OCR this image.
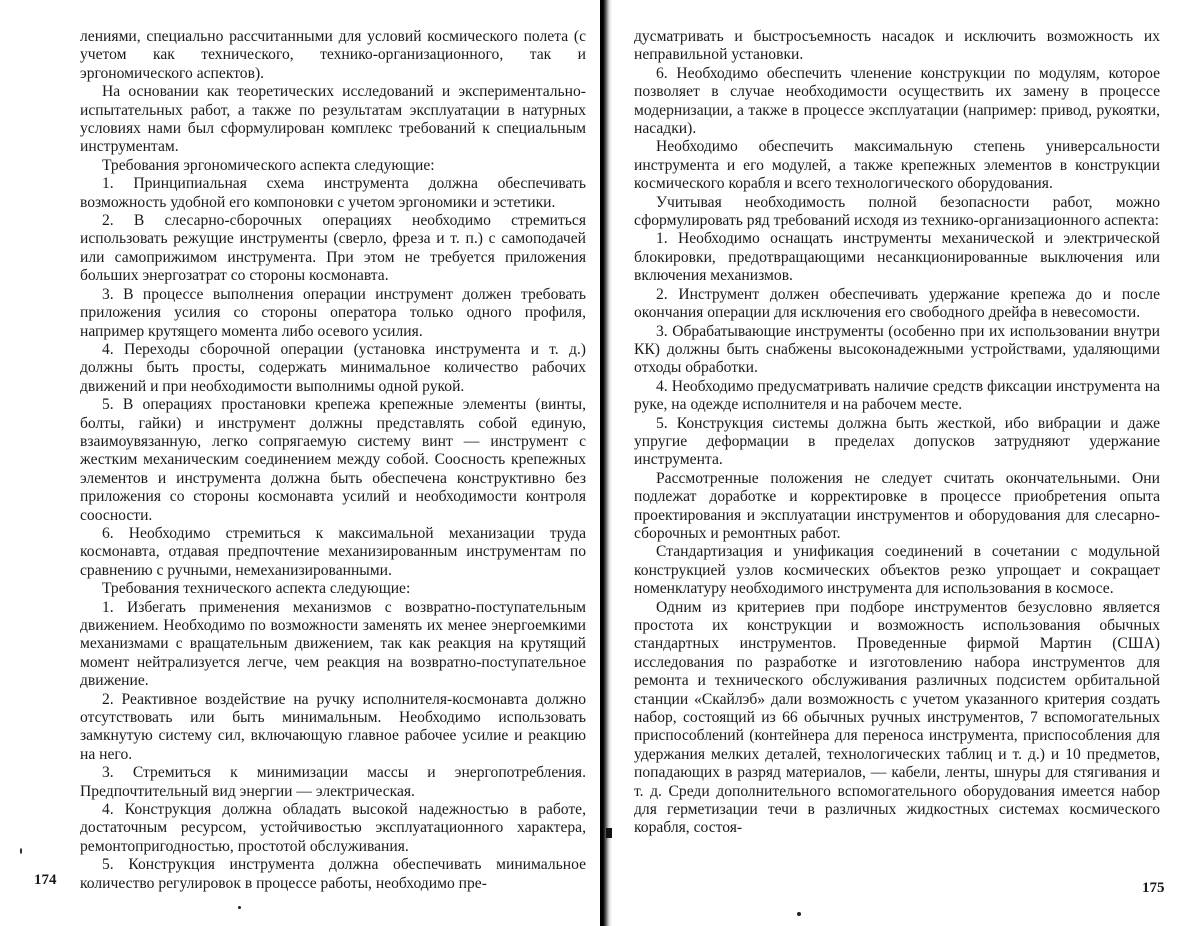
лениями, специально рассчитанными для условий космического полета (с учетом как технического, технико-организационного, так и эргономического аспектов).

На основании как теоретических исследований и экспериментально-испытательных работ, а также по результатам эксплуатации в натурных условиях нами был сформулирован комплекс требований к специальным инструментам.

Требования эргономического аспекта следующие:

1. Принципиальная схема инструмента должна обеспечивать возможность удобной его компоновки с учетом эргономики и эстетики.

2. В слесарно-сборочных операциях необходимо стремиться использовать режущие инструменты (сверло, фреза и т. п.) с самоподачей или самоприжимом инструмента. При этом не требуется приложения больших энергозатрат со стороны космонавта.

3. В процессе выполнения операции инструмент должен требовать приложения усилия со стороны оператора только одного профиля, например крутящего момента либо осевого усилия.

4. Переходы сборочной операции (установка инструмента и т. д.) должны быть просты, содержать минимальное количество рабочих движений и при необходимости выполнимы одной рукой.

5. В операциях простановки крепежа крепежные элементы (винты, болты, гайки) и инструмент должны представлять собой единую, взаимоувязанную, легко сопрягаемую систему винт — инструмент с жестким механическим соединением между собой. Соосность крепежных элементов и инструмента должна быть обеспечена конструктивно без приложения со стороны космонавта усилий и необходимости контроля соосности.

6. Необходимо стремиться к максимальной механизации труда космонавта, отдавая предпочтение механизированным инструментам по сравнению с ручными, немеханизированными.

Требования технического аспекта следующие:

1. Избегать применения механизмов с возвратно-поступательным движением. Необходимо по возможности заменять их менее энергоемкими механизмами с вращательным движением, так как реакция на крутящий момент нейтрализуется легче, чем реакция на возвратно-поступательное движение.

2. Реактивное воздействие на ручку исполнителя-космонавта должно отсутствовать или быть минимальным. Необходимо использовать замкнутую систему сил, включающую главное рабочее усилие и реакцию на него.

3. Стремиться к минимизации массы и энергопотребления. Предпочтительный вид энергии — электрическая.

4. Конструкция должна обладать высокой надежностью в работе, достаточным ресурсом, устойчивостью эксплуатационного характера, ремонтопригодностью, простотой обслуживания.

5. Конструкция инструмента должна обеспечивать минимальное количество регулировок в процессе работы, необходимо пре-

дусматривать и быстросъемность насадок и исключить возможность их неправильной установки.

6. Необходимо обеспечить членение конструкции по модулям, которое позволяет в случае необходимости осуществить их замену в процессе модернизации, а также в процессе эксплуатации (например: привод, рукоятки, насадки).

Необходимо обеспечить максимальную степень универсальности инструмента и его модулей, а также крепежных элементов в конструкции космического корабля и всего технологического оборудования.

Учитывая необходимость полной безопасности работ, можно сформулировать ряд требований исходя из технико-организационного аспекта:

1. Необходимо оснащать инструменты механической и электрической блокировки, предотвращающими несанкционированные выключения или включения механизмов.

2. Инструмент должен обеспечивать удержание крепежа до и после окончания операции для исключения его свободного дрейфа в невесомости.

3. Обрабатывающие инструменты (особенно при их использовании внутри КК) должны быть снабжены высоконадежными устройствами, удаляющими отходы обработки.

4. Необходимо предусматривать наличие средств фиксации инструмента на руке, на одежде исполнителя и на рабочем месте.

5. Конструкция системы должна быть жесткой, ибо вибрации и даже упругие деформации в пределах допусков затрудняют удержание инструмента.

Рассмотренные положения не следует считать окончательными. Они подлежат доработке и корректировке в процессе приобретения опыта проектирования и эксплуатации инструментов и оборудования для слесарно-сборочных и ремонтных работ.

Стандартизация и унификация соединений в сочетании с модульной конструкцией узлов космических объектов резко упрощает и сокращает номенклатуру необходимого инструмента для использования в космосе.

Одним из критериев при подборе инструментов безусловно является простота их конструкции и возможность использования обычных стандартных инструментов. Проведенные фирмой Мартин (США) исследования по разработке и изготовлению набора инструментов для ремонта и технического обслуживания различных подсистем орбитальной станции «Скайлэб» дали возможность с учетом указанного критерия создать набор, состоящий из 66 обычных ручных инструментов, 7 вспомогательных приспособлений (контейнера для переноса инструмента, приспособления для удержания мелких деталей, технологических таблиц и т. д.) и 10 предметов, попадающих в разряд материалов, — кабели, ленты, шнуры для стягивания и т. д. Среди дополнительного вспомогательного оборудования имеется набор для герметизации течи в различных жидкостных системах космического корабля, состоя-

174	175
